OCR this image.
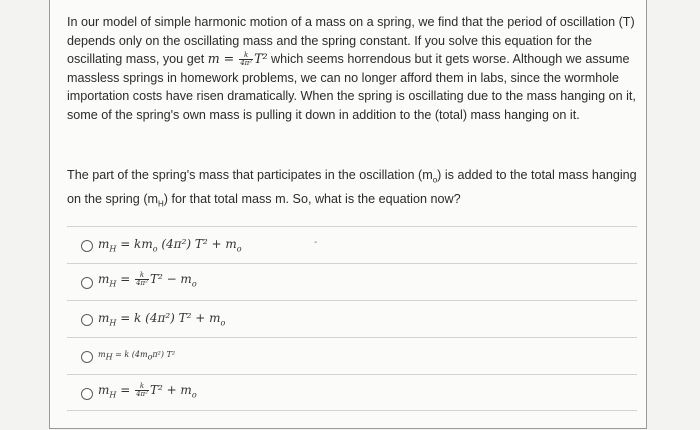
In our model of simple harmonic motion of a mass on a spring, we find that the period of oscillation (T) depends only on the oscillating mass and the spring constant. If you solve this equation for the oscillating mass, you get $m = \frac{k}{\text{4π²}} T^2$ which seems horrendous but it gets worse. Although we assume massless springs in homework problems, we can no longer afford them in labs, since the wormhole importation costs have risen dramatically. When the spring is oscillating due to the mass hanging on it, some of the spring's own mass is pulling it down in addition to the (total) mass hanging on it.
The part of the spring's mass that participates in the oscillation $(m_o)$ is added to the total mass hanging on the spring $(m_H)$ for that total mass m. So, what is the equation now?
$m_H = km_o$ (4π²) $T^2 + m_o$
-
$m_H = \frac{k}{\text{4π²}} T^2 - m_o$
$m_H = k$ (4π²) $T^2 + m_o$
$m_H = k$ $(4m_o\pi^2)$ T²
$m_H = \frac{k}{\text{4π²}} T^2 + m_o$
